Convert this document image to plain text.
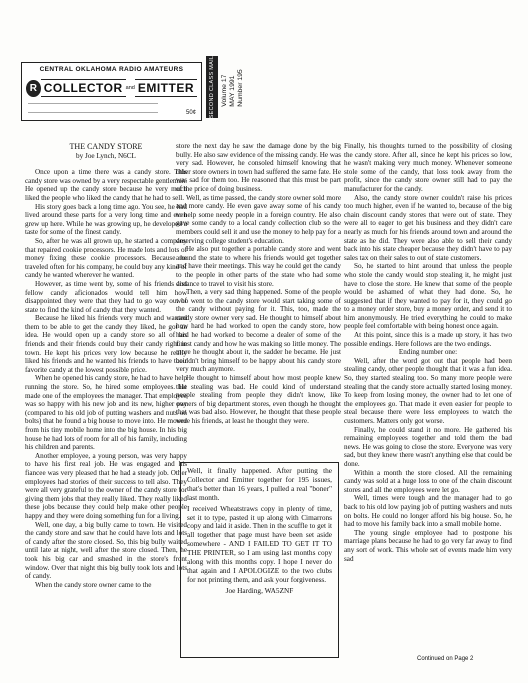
CENTRAL OKLAHOMA RADIO AMATEURS
R COLLECTOR and EMITTER
50¢ SECOND CLASS MAIL Volume 17
MAY 1991
Number 195

THE CANDY STORE

by Joe Lynch, N6CL

Once upon a time there was a candy store. This candy store was owned by a very respectable gentleman. He opened up the candy store because he very much liked the people who liked the candy that he had to sell.

His story goes back a long time ago. You see, he had lived around these parts for a very long time and even grew up here. While he was growing up, he developed a taste for some of the finest candy.

So, after he was all grown up, he started a company that repaired cookie processors. He made lots and lots of money fixing these cookie processors. Because he traveled often for his company, he could buy any kind of candy he wanted wherever he wanted.

However, as time went by, some of his friends and fellow candy aficionados would tell him how disappointed they were that they had to go way out of state to find the kind of candy that they wanted.

Because he liked his friends very much and wanted them to be able to get the candy they liked, he got an idea. He would open up a candy store so all of his friends and their friends could buy their candy right in town. He kept his prices very low because he really liked his friends and he wanted his friends to have their favorite candy at the lowest possible price.

When he opened his candy store, he had to have help running the store. So, he hired some employees. He made one of the employees the manager. That employee was so happy with his new job and its new, higher pay (compared to his old job of putting washers and nuts on bolts) that he found a big house to move into. He moved from his tiny mobile home into the big house. In his big house he had lots of room for all of his family, including his children and parents.

Another employee, a young person, was very happy to have his first real job. He was engaged and his fiancee was very pleased that he had a steady job. Other employees had stories of their success to tell also. They were all very grateful to the owner of the candy store for giving them jobs that they really liked. They really liked these jobs because they could help make other people happy and they were doing something fun for a living.

Well, one day, a big bully came to town. He visited the candy store and saw that he could have lots and lots of candy after the store closed. So, this big bully waited until late at night, well after the store closed. Then, he took his big car and smashed in the store's front window. Over that night this big bully took lots and lots of candy.

When the candy store owner came to the

store the next day he saw the damage done by the big bully. He also saw evidence of the missing candy. He was very sad. However, he consoled himself knowing that other store owners in town had suffered the same fate. He was sad for them too. He reasoned that this must be part of the price of doing business.

Well, as time passed, the candy store owner sold more and more candy. He even gave away some of his candy to help some needy people in a foreign country. He also gave some candy to a local candy collection club so the members could sell it and use the money to help pay for a deserving college student's education.

He also put together a portable candy store and went around the state to where his friends would get together and have their meetings. This way he could get the candy to the people in other parts of the state who had some distance to travel to visit his store.

Then, a very sad thing happened. Some of the people who went to the candy store would start taking some of the candy without paying for it. This, too, made the candy store owner very sad. He thought to himself about how hard he had worked to open the candy store, how hard he had worked to become a dealer of some of the finest candy and how he was making so little money. The more he thought about it, the sadder he became. He just couldn't bring himself to be happy about his candy store very much anymore.

He thought to himself about how most people knew that stealing was bad. He could kind of understand people stealing from people they didn't know, like owners of big department stores, even though he thought that was bad also. However, he thought that these people were his friends, at least he thought they were.

Well, it finally happened. After putting the Collector and Emitter together for 195 issues, that's better than 16 years, I pulled a real "boner" last month.

I received Wheatstraws copy in plenty of time, set it to type, pasted it up along with Cimarrons copy and laid it aside. Then in the scuffle to get it all together that page must have been set aside somewhere - AND I FAILED TO GET IT TO THE PRINTER, so I am using last months copy along with this months copy. I hope I never do that again and I APOLOGIZE to the two clubs for not printing them, and ask your forgiveness.

Joe Harding, WA5ZNF

Finally, his thoughts turned to the possibility of closing the candy store. After all, since he kept his prices so low, he wasn't making very much money. Whenever someone stole some of the candy, that loss took away from the profit, since the candy store owner still had to pay the manufacturer for the candy.

Also, the candy store owner couldn't raise his prices too much higher, even if he wanted to, because of the big chain discount candy stores that were out of state. They were all to eager to get his business and they didn't care nearly as much for his friends around town and around the state as he did. They were also able to sell their candy back into his state cheaper because they didn't have to pay sales tax on their sales to out of state customers.

So, he started to hint around that unless the people who stole the candy would stop stealing it, he might just have to close the store. He knew that some of the people would be ashamed of what they had done. So, he suggested that if they wanted to pay for it, they could go to a money order store, buy a money order, and send it to him anonymously. He tried everything he could to make people feel comfortable with being honest once again.

At this point, since this is a made up story, it has two possible endings. Here follows are the two endings.

Ending number one:

Well, after the word got out that people had been stealing candy, other people thought that it was a fun idea. So, they started stealing too. So many more people were stealing that the candy store actually started losing money. To keep from losing money, the owner had to let one of the employees go. That made it even easier for people to steal because there were less employees to watch the customers. Matters only got worse.

Finally, he could stand it no more. He gathered his remaining employees together and told them the bad news. He was going to close the store. Everyone was very sad, but they knew there wasn't anything else that could be done.

Within a month the store closed. All the remaining candy was sold at a huge loss to one of the chain discount stores and all the employees were let go.

Well, times were tough and the manager had to go back to his old low paying job of putting washers and nuts on bolts. He could no longer afford his big house. So, he had to move his family back into a small mobile home.

The young single employee had to postpone his marriage plans because he had to go very far away to find any sort of work. This whole set of events made him very sad

Continued on Page 2
